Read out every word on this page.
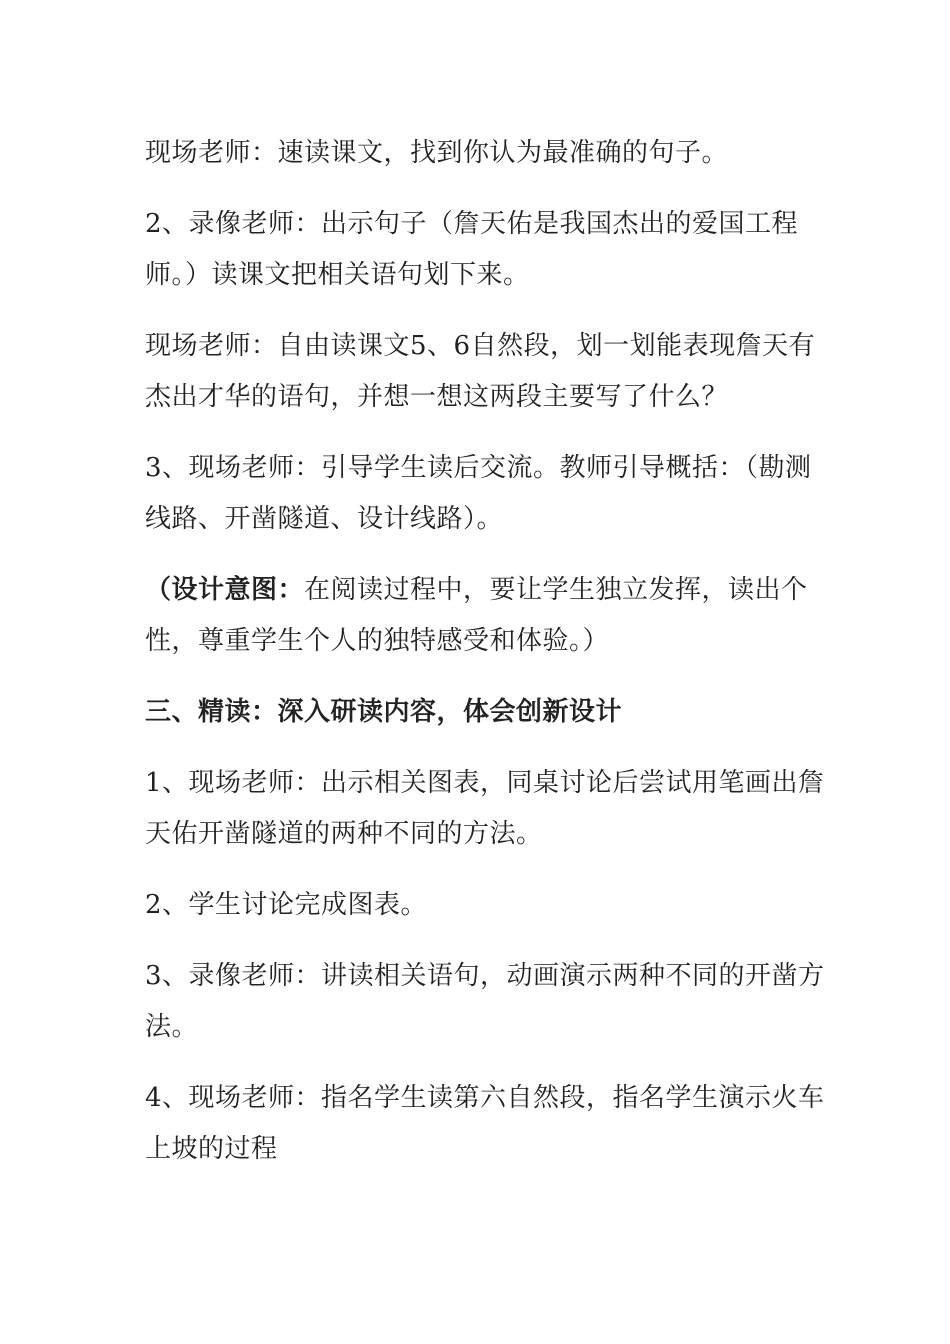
现场老师：速读课文，找到你认为最准确的句子。

2、录像老师：出示句子（詹天佑是我国杰出的爱国工程师。）读课文把相关语句划下来。

现场老师：自由读课文5、6自然段，划一划能表现詹天有杰出才华的语句，并想一想这两段主要写了什么？

3、现场老师：引导学生读后交流。教师引导概括：（勘测线路、开凿隧道、设计线路）。

（设计意图：在阅读过程中，要让学生独立发挥，读出个性，尊重学生个人的独特感受和体验。）

三、精读：深入研读内容，体会创新设计

1、现场老师：出示相关图表，同桌讨论后尝试用笔画出詹天佑开凿隧道的两种不同的方法。

2、学生讨论完成图表。

3、录像老师：讲读相关语句，动画演示两种不同的开凿方法。

4、现场老师：指名学生读第六自然段，指名学生演示火车上坡的过程
